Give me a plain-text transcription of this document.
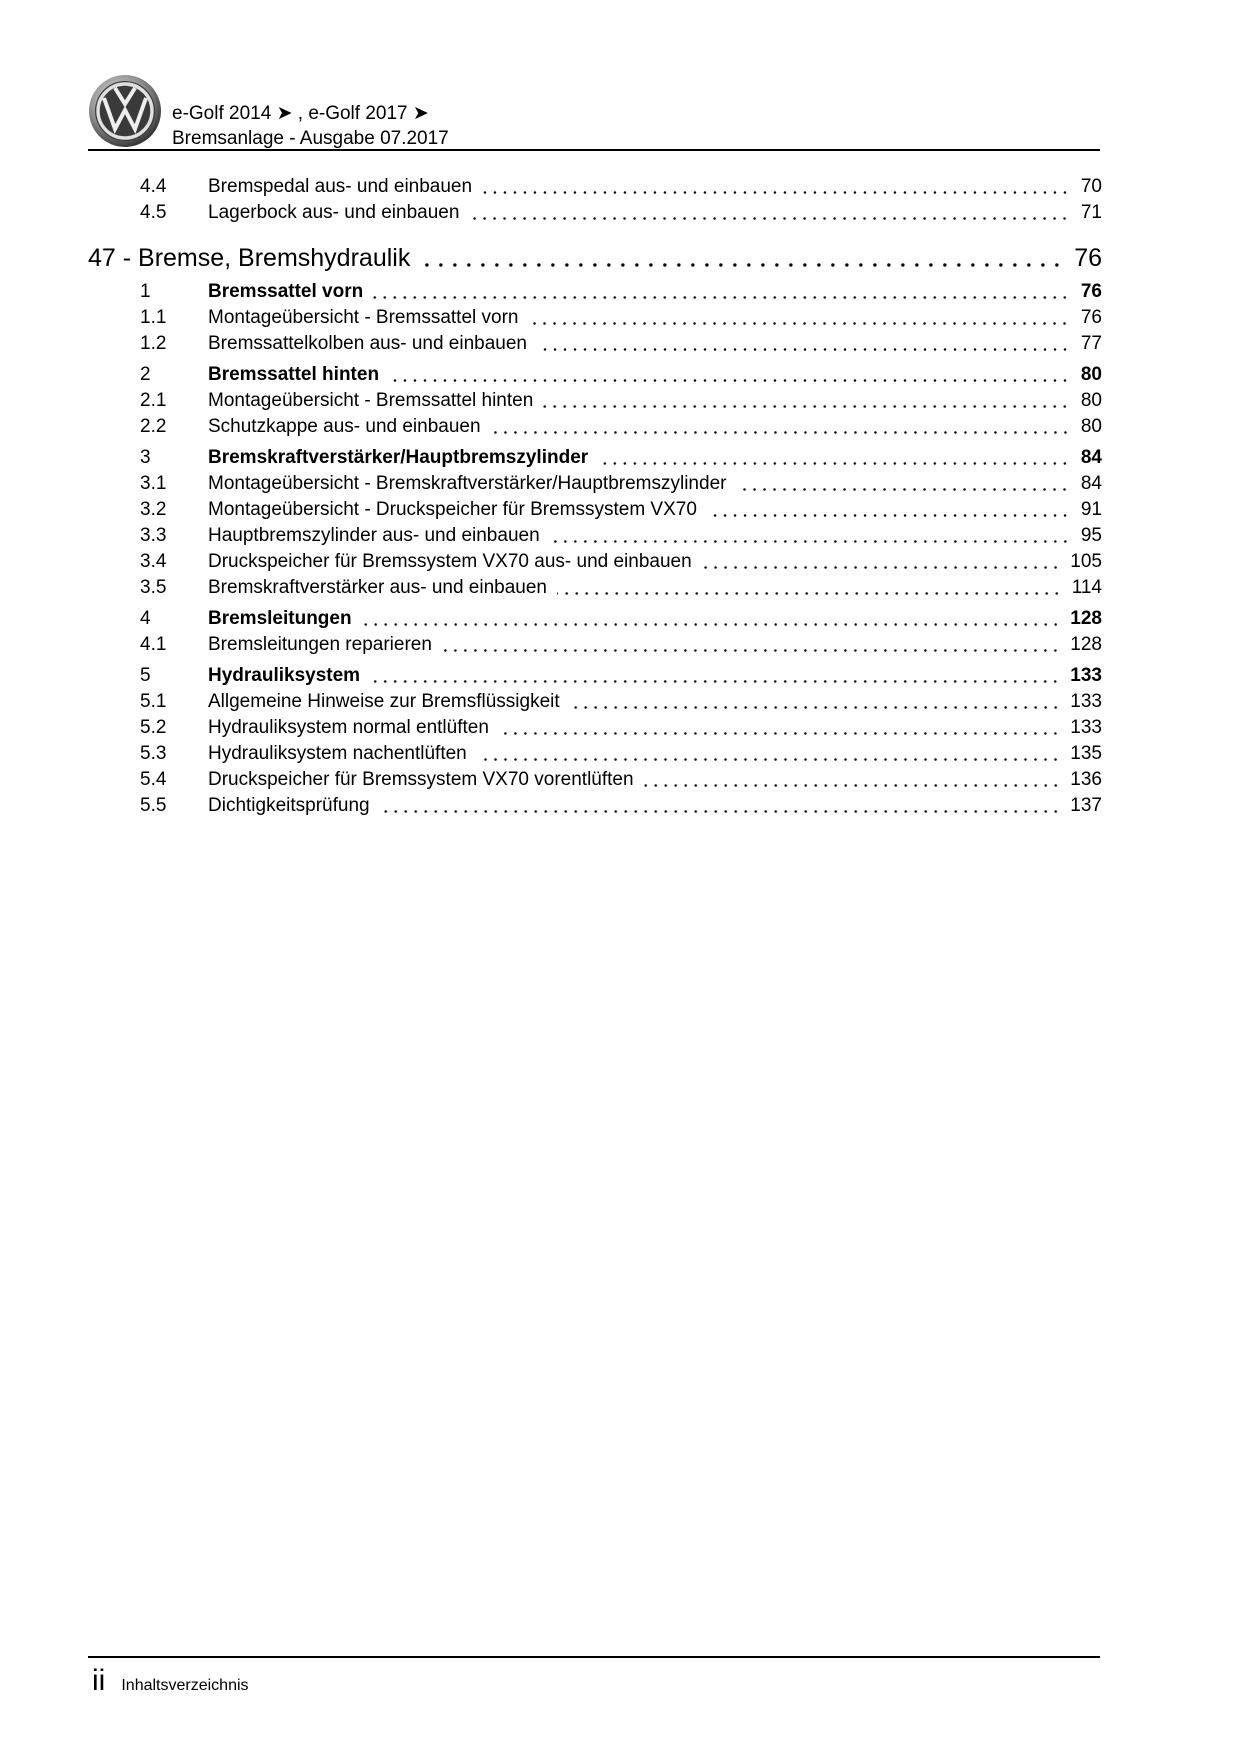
e-Golf 2014 ➤ , e-Golf 2017 ➤
Bremsanlage - Ausgabe 07.2017
4.4 Bremspedal aus- und einbauen	70
4.5 Lagerbock aus- und einbauen	71
47 - Bremse, Bremshydraulik	76
1	Bremssattel vorn	76
1.1 Montageübersicht - Bremssattel vorn	76
1.2 Bremssattelkolben aus- und einbauen	77
2	Bremssattel hinten	80
2.1 Montageübersicht - Bremssattel hinten	80
2.2 Schutzkappe aus- und einbauen	80
3	Bremskraftverstärker/Hauptbremszylinder	84
3.1 Montageübersicht - Bremskraftverstärker/Hauptbremszylinder	84
3.2 Montageübersicht - Druckspeicher für Bremssystem VX70	91
3.3 Hauptbremszylinder aus- und einbauen	95
3.4 Druckspeicher für Bremssystem VX70 aus- und einbauen	105
3.5 Bremskraftverstärker aus- und einbauen	114
4	Bremsleitungen	128
4.1 Bremsleitungen reparieren	128
5	Hydrauliksystem	133
5.1 Allgemeine Hinweise zur Bremsflüssigkeit	133
5.2 Hydrauliksystem normal entlüften	133
5.3 Hydrauliksystem nachentlüften	135
5.4 Druckspeicher für Bremssystem VX70 vorentlüften	136
5.5 Dichtigkeitsprüfung	137
ii Inhaltsverzeichnis
